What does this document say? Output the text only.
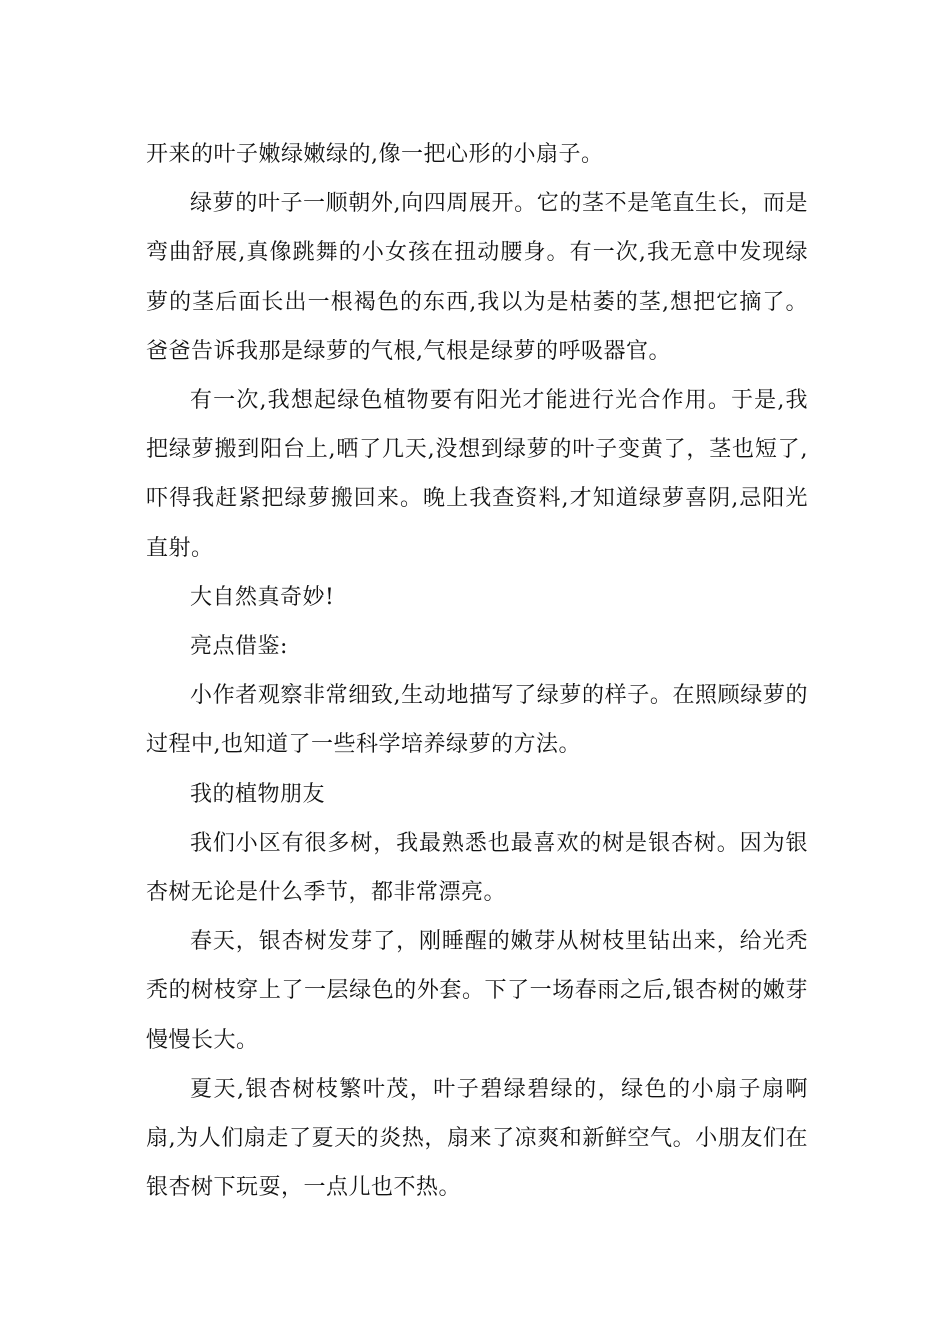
开来的叶子嫩绿嫩绿的,像一把心形的小扇子。

绿萝的叶子一顺朝外,向四周展开。它的茎不是笔直生长，而是弯曲舒展,真像跳舞的小女孩在扭动腰身。有一次,我无意中发现绿萝的茎后面长出一根褐色的东西,我以为是枯萎的茎,想把它摘了。爸爸告诉我那是绿萝的气根,气根是绿萝的呼吸器官。

有一次,我想起绿色植物要有阳光才能进行光合作用。于是,我把绿萝搬到阳台上,晒了几天,没想到绿萝的叶子变黄了，茎也短了,吓得我赶紧把绿萝搬回来。晚上我查资料,才知道绿萝喜阴,忌阳光直射。

大自然真奇妙!

亮点借鉴:

小作者观察非常细致,生动地描写了绿萝的样子。在照顾绿萝的过程中,也知道了一些科学培养绿萝的方法。

我的植物朋友

我们小区有很多树，我最熟悉也最喜欢的树是银杏树。因为银杏树无论是什么季节，都非常漂亮。

春天，银杏树发芽了，刚睡醒的嫩芽从树枝里钻出来，给光秃秃的树枝穿上了一层绿色的外套。下了一场春雨之后,银杏树的嫩芽慢慢长大。

夏天,银杏树枝繁叶茂，叶子碧绿碧绿的，绿色的小扇子扇啊扇,为人们扇走了夏天的炎热，扇来了凉爽和新鲜空气。小朋友们在银杏树下玩耍，一点儿也不热。
